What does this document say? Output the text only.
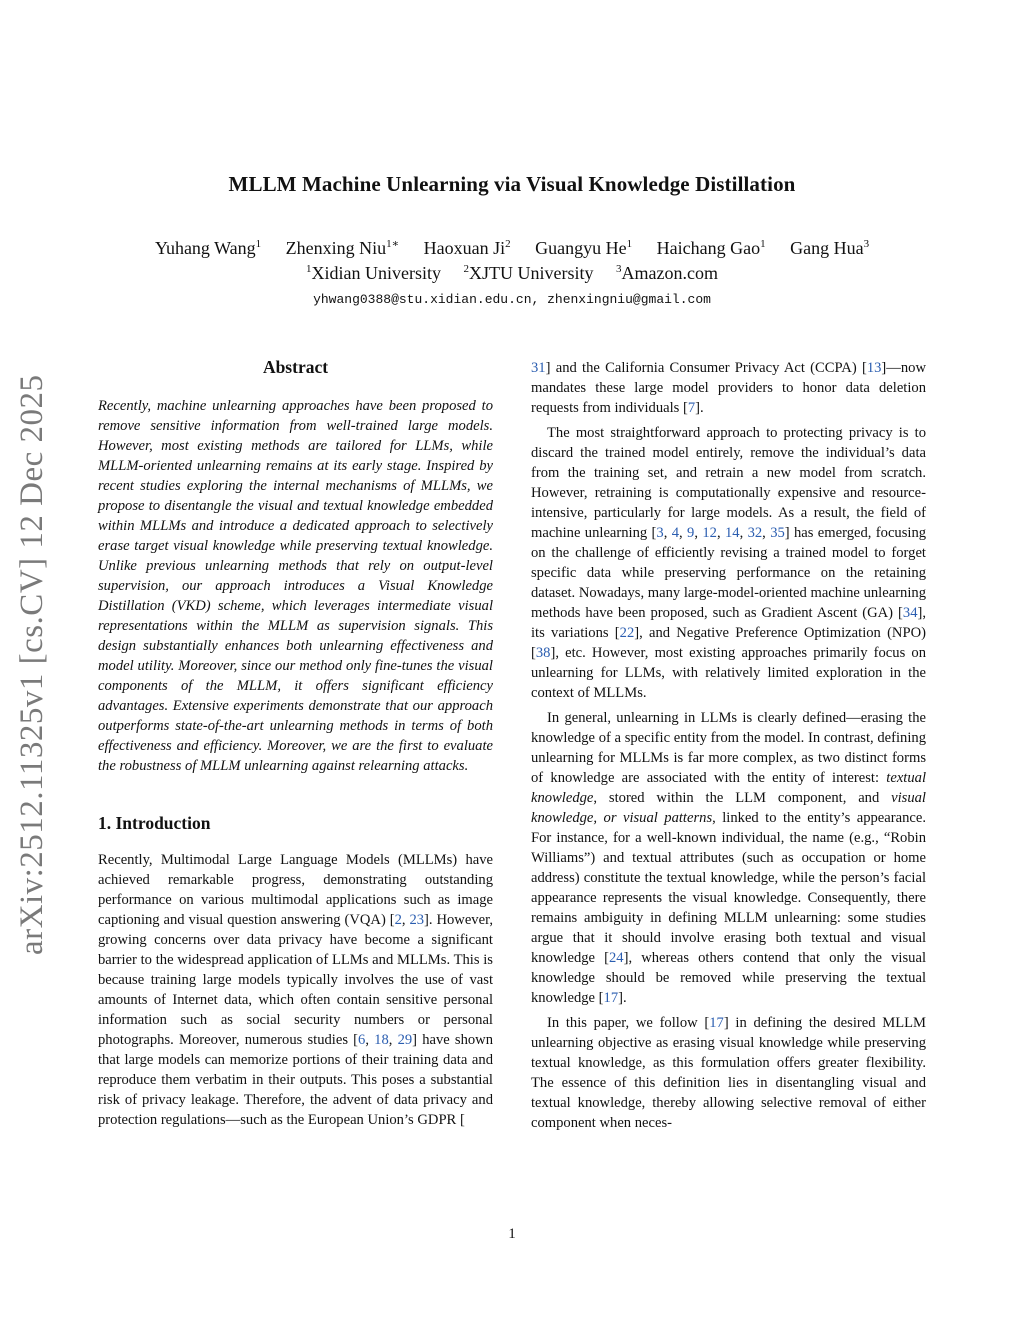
MLLM Machine Unlearning via Visual Knowledge Distillation
Yuhang Wang$^1$ Zhenxing Niu$^{1∗}$ Haoxuan Ji$^2$ Guangyu He$^1$ Haichang Gao$^1$ Gang Hua$^3$
$^1$Xidian University $^2$XJTU University $^3$Amazon.com
yhwang0388@stu.xidian.edu.cn, zhenxingniu@gmail.com
arXiv:2512.11325v1 [cs.CV] 12 Dec 2025
Abstract

Recently, machine unlearning approaches have been proposed to remove sensitive information from well-trained large models. However, most existing methods are tailored for LLMs, while MLLM-oriented unlearning remains at its early stage. Inspired by recent studies exploring the internal mechanisms of MLLMs, we propose to disentangle the visual and textual knowledge embedded within MLLMs and introduce a dedicated approach to selectively erase target visual knowledge while preserving textual knowledge. Unlike previous unlearning methods that rely on output-level supervision, our approach introduces a Visual Knowledge Distillation (VKD) scheme, which leverages intermediate visual representations within the MLLM as supervision signals. This design substantially enhances both unlearning effectiveness and model utility. Moreover, since our method only fine-tunes the visual components of the MLLM, it offers significant efficiency advantages. Extensive experiments demonstrate that our approach outperforms state-of-the-art unlearning methods in terms of both effectiveness and efficiency. Moreover, we are the first to evaluate the robustness of MLLM unlearning against relearning attacks.

1. Introduction

Recently, Multimodal Large Language Models (MLLMs) have achieved remarkable progress, demonstrating outstanding performance on various multimodal applications such as image captioning and visual question answering (VQA) [2, 23]. However, growing concerns over data privacy have become a significant barrier to the widespread application of LLMs and MLLMs. This is because training large models typically involves the use of vast amounts of Internet data, which often contain sensitive personal information such as social security numbers or personal photographs. Moreover, numerous studies [6, 18, 29] have shown that large models can memorize portions of their training data and reproduce them verbatim in their outputs. This poses a substantial risk of privacy leakage. Therefore, the advent of data privacy and protection regulations—such as the European Union’s GDPR [

31] and the California Consumer Privacy Act (CCPA) [13]—now mandates these large model providers to honor data deletion requests from individuals [7].

The most straightforward approach to protecting privacy is to discard the trained model entirely, remove the individual’s data from the training set, and retrain a new model from scratch. However, retraining is computationally expensive and resource-intensive, particularly for large models. As a result, the field of machine unlearning [3, 4, 9, 12, 14, 32, 35] has emerged, focusing on the challenge of efficiently revising a trained model to forget specific data while preserving performance on the retaining dataset. Nowadays, many large-model-oriented machine unlearning methods have been proposed, such as Gradient Ascent (GA) [34], its variations [22], and Negative Preference Optimization (NPO) [38], etc. However, most existing approaches primarily focus on unlearning for LLMs, with relatively limited exploration in the context of MLLMs.

In general, unlearning in LLMs is clearly defined—erasing the knowledge of a specific entity from the model. In contrast, defining unlearning for MLLMs is far more complex, as two distinct forms of knowledge are associated with the entity of interest: textual knowledge, stored within the LLM component, and visual knowledge, or visual patterns, linked to the entity’s appearance. For instance, for a well-known individual, the name (e.g., “Robin Williams”) and textual attributes (such as occupation or home address) constitute the textual knowledge, while the person’s facial appearance represents the visual knowledge. Consequently, there remains ambiguity in defining MLLM unlearning: some studies argue that it should involve erasing both textual and visual knowledge [24], whereas others contend that only the visual knowledge should be removed while preserving the textual knowledge [17].

In this paper, we follow [17] in defining the desired MLLM unlearning objective as erasing visual knowledge while preserving textual knowledge, as this formulation offers greater flexibility. The essence of this definition lies in disentangling visual and textual knowledge, thereby allowing selective removal of either component when neces-

1
